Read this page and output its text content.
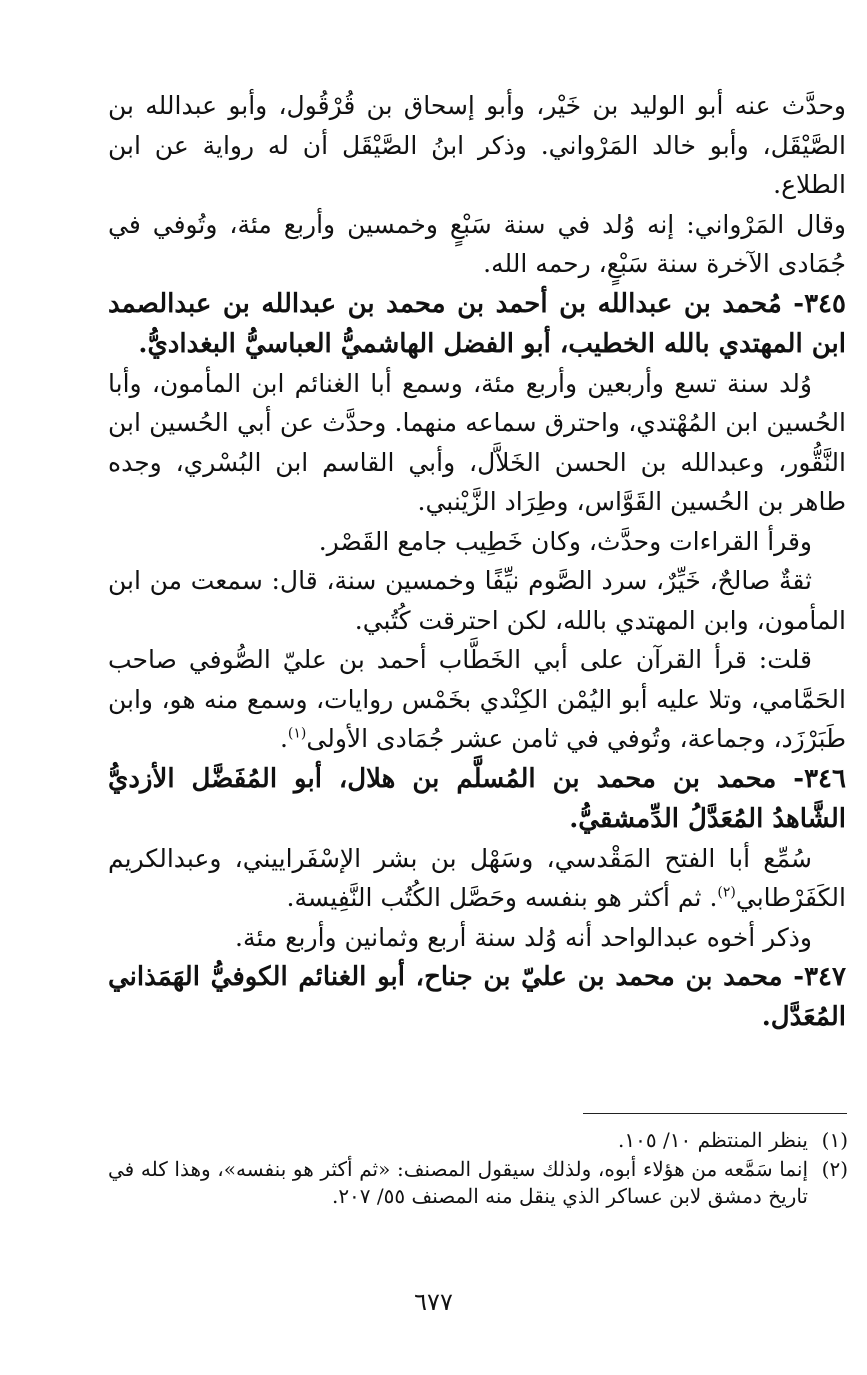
وحدَّث عنه أبو الوليد بن خَيْر، وأبو إسحاق بن قُرْقُول، وأبو عبدالله بن الصَّيْقَل، وأبو خالد المَرْواني. وذكر ابنُ الصَّيْقَل أن له رواية عن ابن الطلاع.

وقال المَرْواني: إنه وُلد في سنة سَبْعٍ وخمسين وأربع مئة، وتُوفي في جُمَادى الآخرة سنة سَبْعٍ، رحمه الله.

٣٤٥- مُحمد بن عبدالله بن أحمد بن محمد بن عبدالله بن عبدالصمد ابن المهتدي بالله الخطيب، أبو الفضل الهاشميُّ العباسيُّ البغداديُّ.

وُلد سنة تسع وأربعين وأربع مئة، وسمع أبا الغنائم ابن المأمون، وأبا الحُسين ابن المُهْتدي، واحترق سماعه منهما. وحدَّث عن أبي الحُسين ابن النَّقُّور، وعبدالله بن الحسن الخَلاَّل، وأبي القاسم ابن البُسْري، وجده طاهر بن الحُسين القَوَّاس، وطِرَاد الزَّيْنبي.

وقرأ القراءات وحدَّث، وكان خَطِيب جامع القَصْر.

ثقةٌ صالحٌ، خَيِّرٌ، سرد الصَّوم نيِّفًا وخمسين سنة، قال: سمعت من ابن المأمون، وابن المهتدي بالله، لكن احترقت كُتُبي.

قلت: قرأ القرآن على أبي الخَطَّاب أحمد بن عليّ الصُّوفي صاحب الحَمَّامي، وتلا عليه أبو اليُمْن الكِنْدي بخَمْس روايات، وسمع منه هو، وابن طَبَرْزَد، وجماعة، وتُوفي في ثامن عشر جُمَادى الأولى$^{(١)}$.

٣٤٦- محمد بن محمد بن المُسلَّم بن هلال، أبو المُفَضَّل الأزديُّ الشَّاهدُ المُعَدَّلُ الدِّمشقيُّ.

سُمِّع أبا الفتح المَقْدسي، وسَهْل بن بشر الإسْفَراييني، وعبدالكريم الكَفَرْطابي$^{(٢)}$. ثم أكثر هو بنفسه وحَصَّل الكُتُب النَّفِيسة.

وذكر أخوه عبدالواحد أنه وُلد سنة أربع وثمانين وأربع مئة.

٣٤٧- محمد بن محمد بن عليّ بن جناح، أبو الغنائم الكوفيُّ الهَمَذاني المُعَدَّل.

(١)
ينظر المنتظم ١٠/ ١٠٥.
(٢)
إنما سَمَّعه من هؤلاء أبوه، ولذلك سيقول المصنف: «ثم أكثر هو بنفسه»، وهذا كله في تاريخ دمشق لابن عساكر الذي ينقل منه المصنف ٥٥/ ٢٠٧.
٦٧٧
